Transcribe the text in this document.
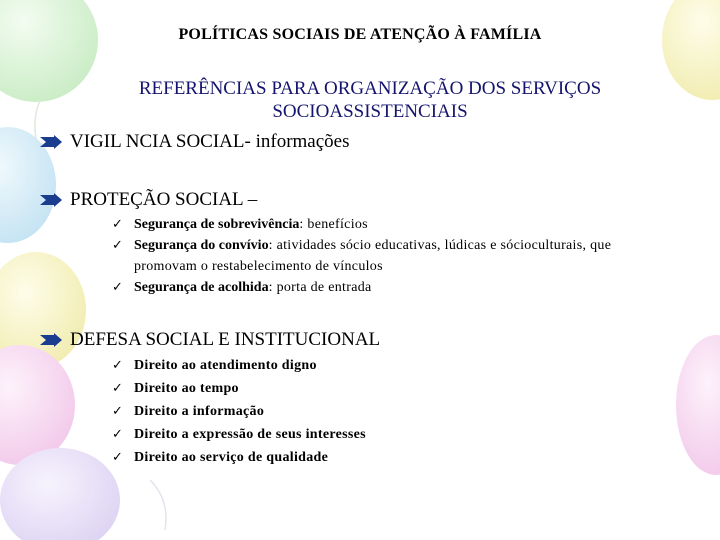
POLÍTICAS SOCIAIS DE ATENÇÃO À FAMÍLIA
REFERÊNCIAS PARA ORGANIZAÇÃO DOS SERVIÇOS
SOCIOASSISTENCIAIS
VIGIL NCIA SOCIAL- informações
PROTEÇÃO SOCIAL –
✓ Segurança de sobrevivência: benefícios
✓ Segurança do convívio: atividades sócio educativas, lúdicas e sócioculturais, que
promovam o restabelecimento de vínculos
✓ Segurança de acolhida: porta de entrada
DEFESA SOCIAL E INSTITUCIONAL
✓ Direito ao atendimento digno
✓ Direito ao tempo
✓ Direito a informação
✓ Direito a expressão de seus interesses
✓ Direito ao serviço de qualidade
